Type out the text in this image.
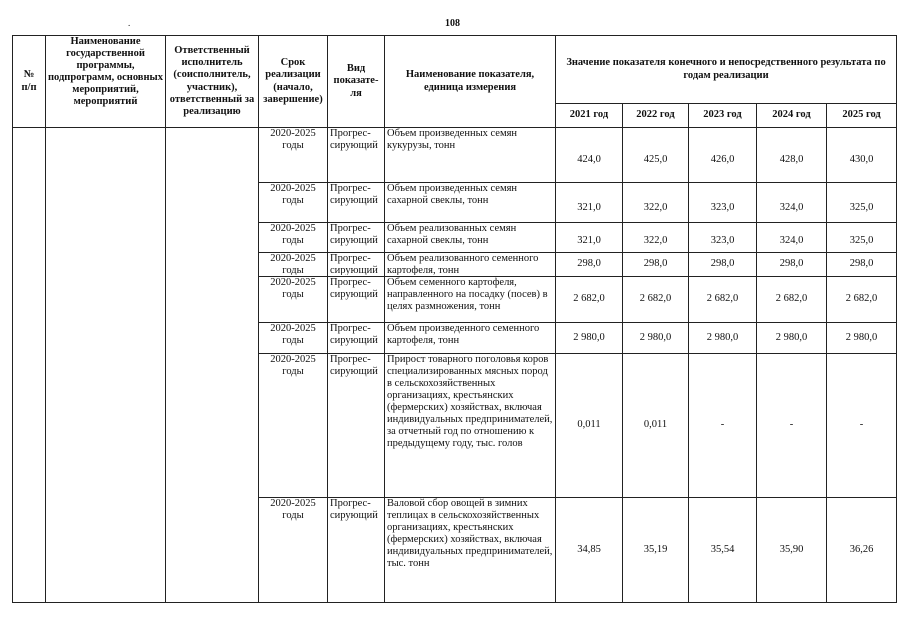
.	108
№
п/п	Наименование государственной программы, подпрограмм, основных мероприятий, мероприятий	Ответственный исполнитель (соисполнитель, участник), ответственный за реализацию	Срок реализации (начало, завершение)	Вид показате-ля	Наименование показателя, единица измерения	Значение показателя конечного и непосредственного результата по годам реализации				
						2021 год	2022 год	2023 год	2024 год	2025 год
			2020-2025 годы	Прогрес-сирующий	Объем произведенных семян кукурузы, тонн	424,0	425,0	426,0	428,0	430,0
			2020-2025 годы	Прогрес-сирующий	Объем произведенных семян сахарной свеклы, тонн	321,0	322,0	323,0	324,0	325,0
			2020-2025 годы	Прогрес-сирующий	Объем реализованных семян сахарной свеклы, тонн	321,0	322,0	323,0	324,0	325,0

			2020-2025 годы	Прогрес-сирующий	Объем реализованного семенного картофеля, тонн	298,0	298,0	298,0	298,0	298,0
			2020-2025 годы	Прогрес-сирующий	Объем семенного картофеля, направленного на посадку (посев) в целях размножения, тонн	2 682,0	2 682,0	2 682,0	2 682,0	2 682,0
			2020-2025 годы	Прогрес-сирующий	Объем произведенного семенного картофеля, тонн	2 980,0	2 980,0	2 980,0	2 980,0	2 980,0
			2020-2025 годы	Прогрес-сирующий	Прирост товарного поголовья коров специализированных мясных пород в сельскохозяйственных организациях, крестьянских (фермерских) хозяйствах, включая индивидуальных предпринимателей, за отчетный год по отношению к предыдущему году, тыс. голов	0,011	0,011	-	-	-
			2020-2025 годы	Прогрес-сирующий	Валовой сбор овощей в зимних теплицах в сельскохозяйственных организациях, крестьянских (фермерских) хозяйствах, включая индивидуальных предпринимателей, тыс. тонн	34,85	35,19	35,54	35,90	36,26
